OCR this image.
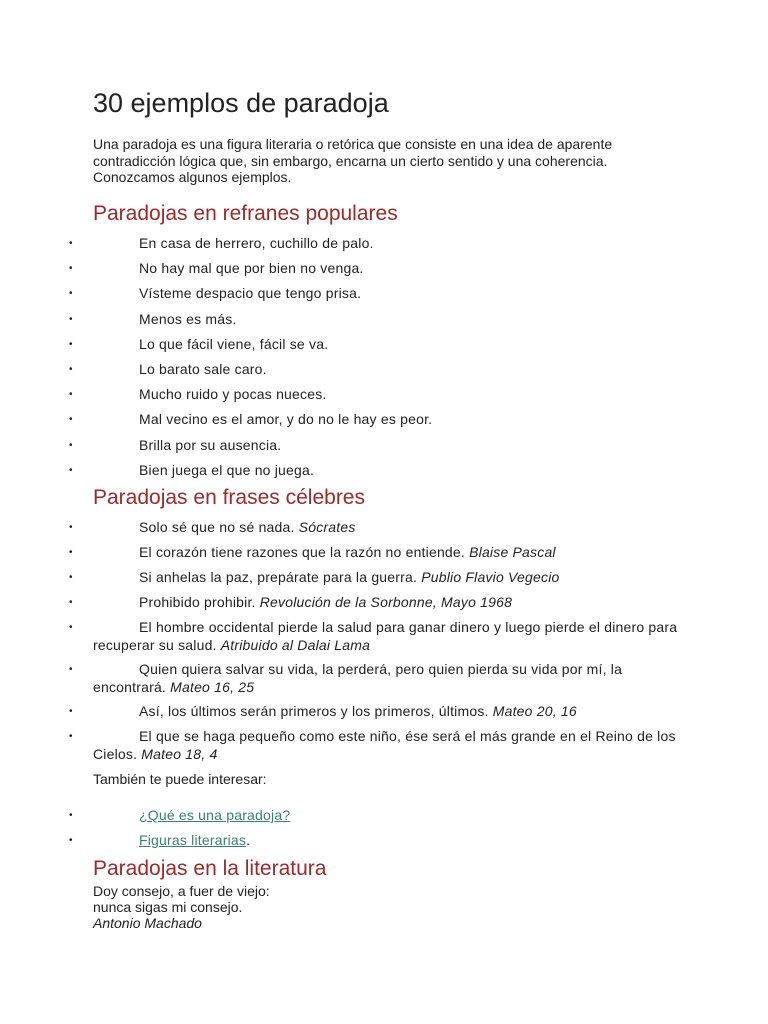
30 ejemplos de paradoja
Una paradoja es una figura literaria o retórica que consiste en una idea de aparente contradicción lógica que, sin embargo, encarna un cierto sentido y una coherencia. Conozcamos algunos ejemplos.
Paradojas en refranes populares
•	En casa de herrero, cuchillo de palo.
•	No hay mal que por bien no venga.
•	Vísteme despacio que tengo prisa.
•	Menos es más.
•	Lo que fácil viene, fácil se va.
•	Lo barato sale caro.
•	Mucho ruido y pocas nueces.
•	Mal vecino es el amor, y do no le hay es peor.
•	Brilla por su ausencia.
•	Bien juega el que no juega.
Paradojas en frases célebres
•	Solo sé que no sé nada. Sócrates
•	El corazón tiene razones que la razón no entiende. Blaise Pascal
•	Si anhelas la paz, prepárate para la guerra. Publio Flavio Vegecio
•	Prohibido prohibir. Revolución de la Sorbonne, Mayo 1968
•	El hombre occidental pierde la salud para ganar dinero y luego pierde el dinero para recuperar su salud. Atribuido al Dalai Lama
•	Quien quiera salvar su vida, la perderá, pero quien pierda su vida por mí, la encontrará. Mateo 16, 25
•	Así, los últimos serán primeros y los primeros, últimos. Mateo 20, 16
•	El que se haga pequeño como este niño, ése será el más grande en el Reino de los Cielos. Mateo 18, 4
También te puede interesar:
•	¿Qué es una paradoja?
•	Figuras literarias.
Paradojas en la literatura
Doy consejo, a fuer de viejo:
nunca sigas mi consejo.
Antonio Machado
